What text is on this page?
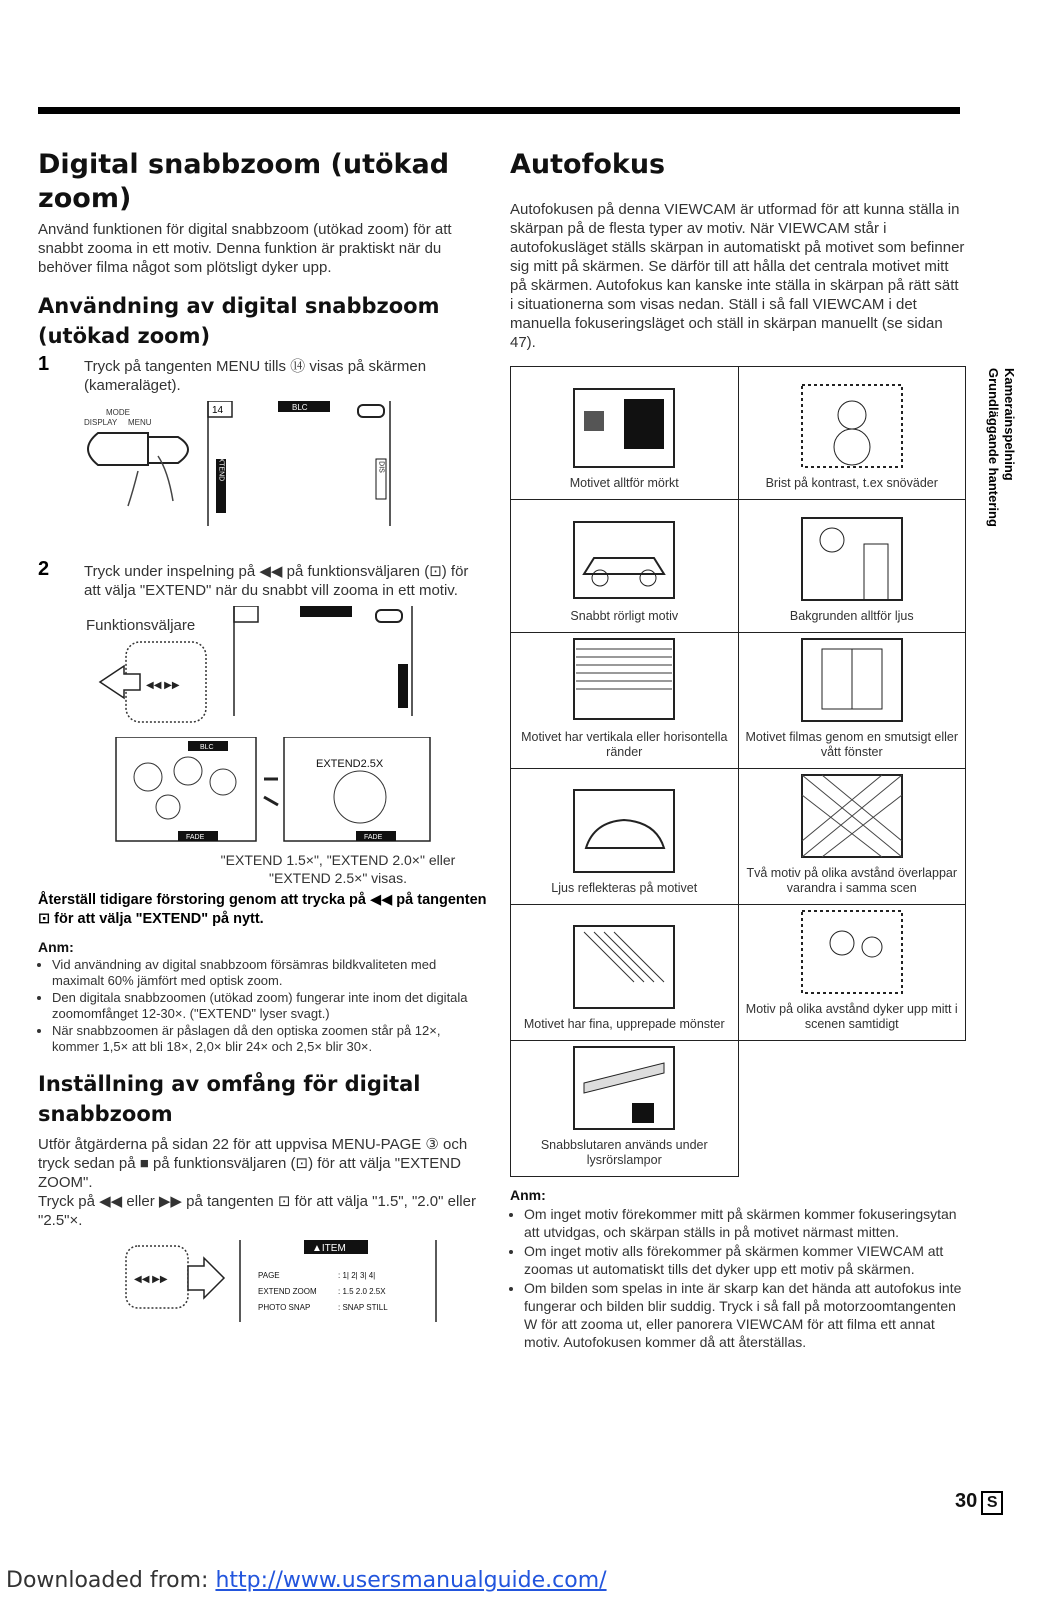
Digital snabbzoom (utökad zoom)

Använd funktionen för digital snabbzoom (utökad zoom) för att snabbt zooma in ett motiv. Denna funktion är praktiskt när du behöver filma något som plötsligt dyker upp.

Användning av digital snabbzoom (utökad zoom)
1 Tryck på tangenten MENU tills ⑭ visas på skärmen (kameraläget).
MODE
DISPLAY MENU
14	BLC
EXTEND	DIS
2 Tryck under inspelning på ◀◀ på funktionsväljaren (⊡) för att välja "EXTEND" när du snabbt vill zooma in ett motiv.
Funktionsväljare
◀◀ ▶▶
BLC
FADE
EXTEND2.5X
FADE
"EXTEND 1.5×", "EXTEND 2.0×" eller "EXTEND 2.5×" visas.
Återställ tidigare förstoring genom att trycka på ◀◀ på tangenten ⊡ för att välja "EXTEND" på nytt.
Anm:
• Vid användning av digital snabbzoom försämras bildkvaliteten med maximalt 60% jämfört med optisk zoom.
• Den digitala snabbzoomen (utökad zoom) fungerar inte inom det digitala zoomomfånget 12-30×. ("EXTEND" lyser svagt.)
• När snabbzoomen är påslagen då den optiska zoomen står på 12×, kommer 1,5× att bli 18×, 2,0× blir 24× och 2,5× blir 30×.
Inställning av omfång för digital snabbzoom

Utför åtgärderna på sidan 22 för att uppvisa MENU-PAGE ③ och tryck sedan på ■ på funktionsväljaren (⊡) för att välja "EXTEND ZOOM".

Tryck på ◀◀ eller ▶▶ på tangenten ⊡ för att välja "1.5", "2.0" eller "2.5"×.

◀◀ ▶▶
▲ITEM
PAGE	: 1| 2| 3| 4|
EXTEND ZOOM	: 1.5 2.0 2.5X
PHOTO SNAP	: SNAP STILL
Autofokus

Autofokusen på denna VIEWCAM är utformad för att kunna ställa in skärpan på de flesta typer av motiv. När VIEWCAM står i autofokusläget ställs skärpan in automatiskt på motivet som befinner sig mitt på skärmen. Se därför till att hålla det centrala motivet mitt på skärmen. Autofokus kan kanske inte ställa in skärpan på rätt sätt i situationerna som visas nedan. Ställ i så fall VIEWCAM i det manuella fokuseringsläget och ställ in skärpan manuellt (se sidan 47).

Motivet alltför mörkt	Brist på kontrast, t.ex snöväder

Snabbt rörligt motiv	Bakgrunden alltför ljus

Motivet har vertikala eller horisontella ränder	Motivet filmas genom en smutsigt eller vått fönster

Ljus reflekteras på motivet	Två motiv på olika avstånd överlappar varandra i samma scen

Motivet har fina, upprepade mönster	Motiv på olika avstånd dyker upp mitt i scenen samtidigt

Snabbslutaren används under lysrörslampor	

Anm:
• Om inget motiv förekommer mitt på skärmen kommer fokuseringsytan att utvidgas, och skärpan ställs in på motivet närmast mitten.
• Om inget motiv alls förekommer på skärmen kommer VIEWCAM att zoomas ut automatiskt tills det dyker upp ett motiv på skärmen.
• Om bilden som spelas in inte är skarp kan det hända att autofokus inte fungerar och bilden blir suddig. Tryck i så fall på motorzoomtangenten W för att zooma ut, eller panorera VIEWCAM för att filma ett annat motiv. Autofokusen kommer då att återställas.
Grundläggande hantering Kamerainspelning
30 S
Downloaded from: http://www.usersmanualguide.com/
